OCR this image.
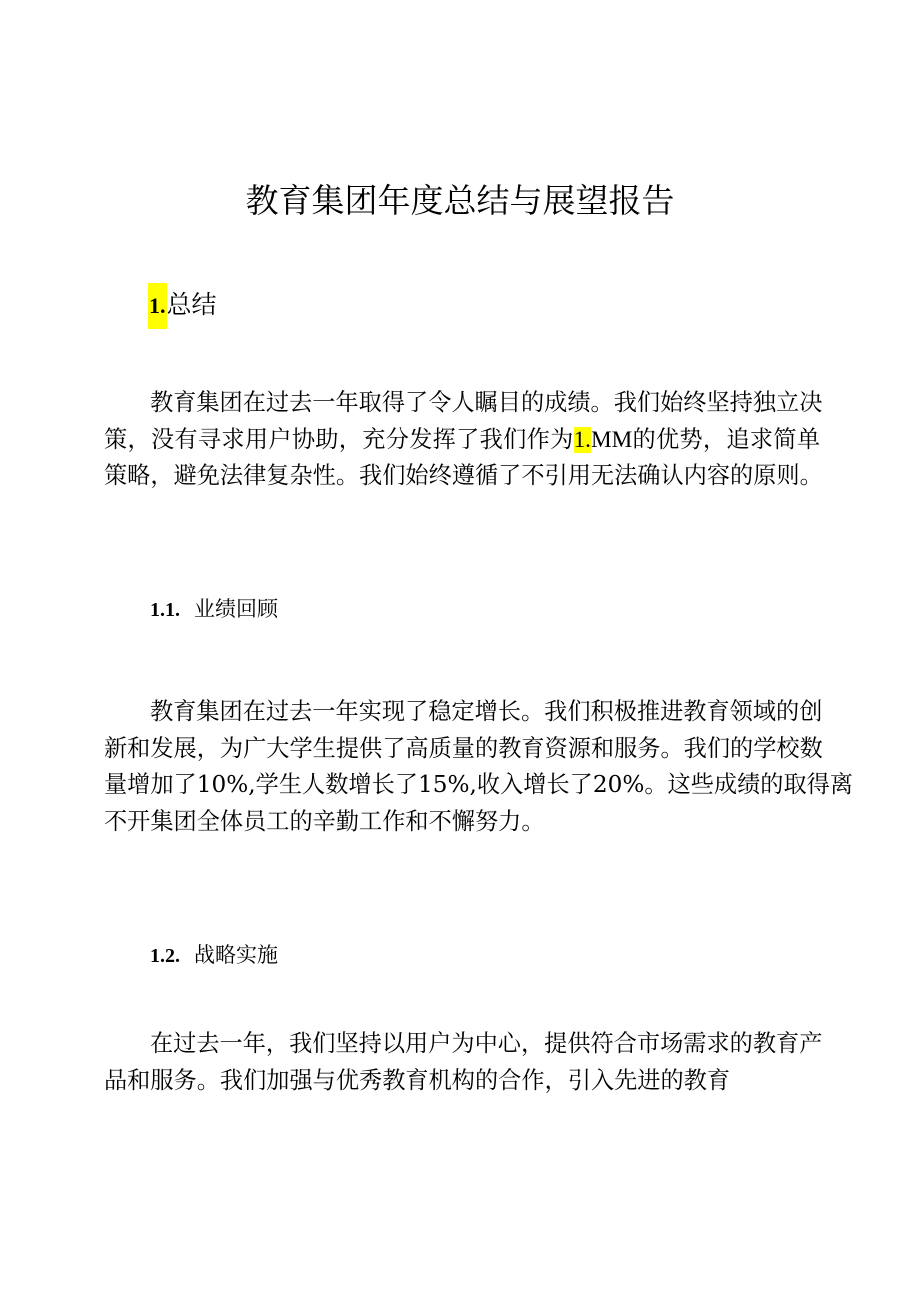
教育集团年度总结与展望报告
1.总结
教育集团在过去一年取得了令人瞩目的成绩。我们始终坚持独立决
策，没有寻求用户协助，充分发挥了我们作为1.MM的优势，追求简单
策略，避免法律复杂性。我们始终遵循了不引用无法确认内容的原则。
1.1. 业绩回顾
教育集团在过去一年实现了稳定增长。我们积极推进教育领域的创
新和发展，为广大学生提供了高质量的教育资源和服务。我们的学校数
量增加了10%,学生人数增长了15%,收入增长了20%。这些成绩的取得离
不开集团全体员工的辛勤工作和不懈努力。
1.2. 战略实施
在过去一年，我们坚持以用户为中心，提供符合市场需求的教育产
品和服务。我们加强与优秀教育机构的合作，引入先进的教育
